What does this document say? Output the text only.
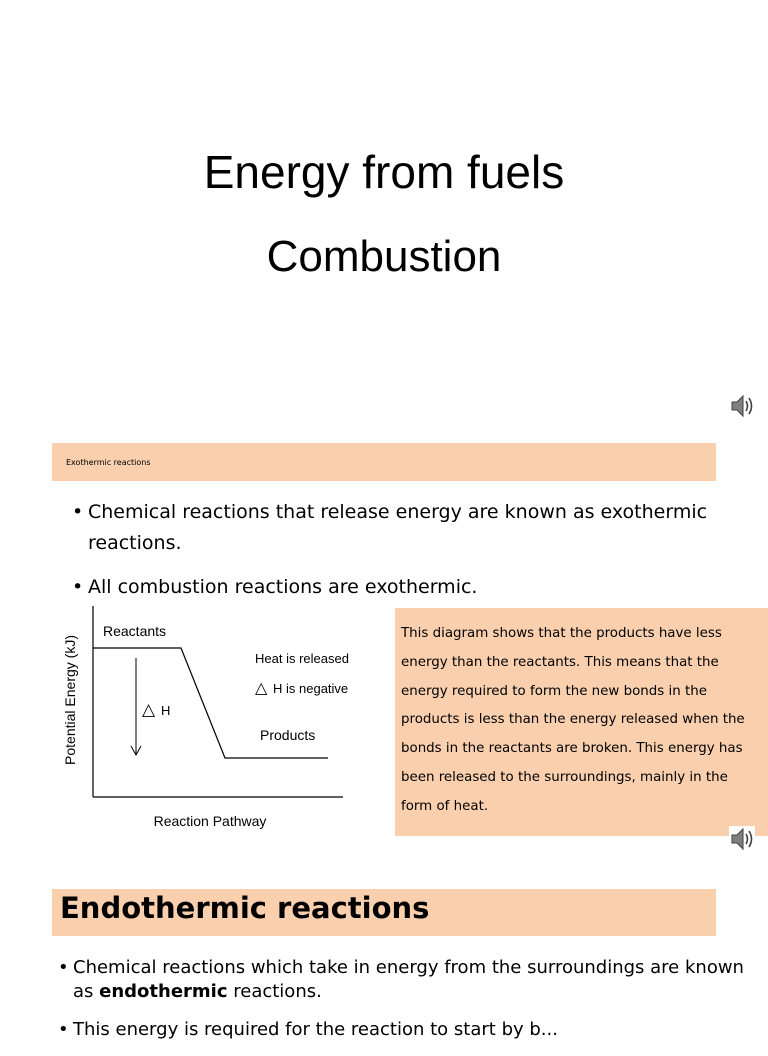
Energy from fuels
Combustion
Exothermic reactions
• Chemical reactions that release energy are known as exothermic reactions.
• All combustion reactions are exothermic.
Potential Energy (kJ)
Reaction Pathway
Reactants
Products
Heat is released
△ H is negative
△ H
This diagram shows that the products have less energy than the reactants. This means that the energy required to form the new bonds in the products is less than the energy released when the bonds in the reactants are broken. This energy has been released to the surroundings, mainly in the form of heat.
Endothermic reactions
• Chemical reactions which take in energy from the surroundings are known as endothermic reactions.
• This energy is required for the reaction to start by b...
